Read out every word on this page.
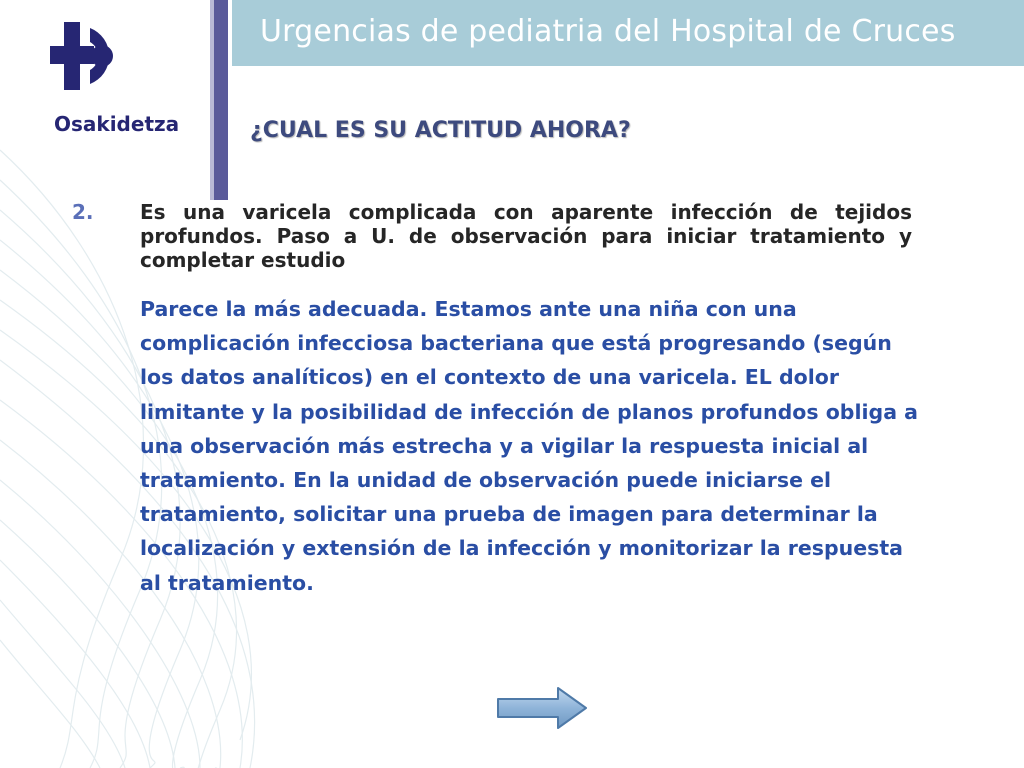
Urgencias de pediatria del Hospital de Cruces
Osakidetza	¿CUAL ES SU ACTITUD AHORA?
2. Es una varicela complicada con aparente infección de tejidos profundos. Paso a U. de observación para iniciar tratamiento y completar estudio
Parece la más adecuada. Estamos ante una niña con una complicación infecciosa bacteriana que está progresando (según los datos analíticos) en el contexto de una varicela. EL dolor limitante y la posibilidad de infección de planos profundos obliga a una observación más estrecha y a vigilar la respuesta inicial al tratamiento. En la unidad de observación puede iniciarse el tratamiento, solicitar una prueba de imagen para determinar la localización y extensión de la infección y monitorizar la respuesta al tratamiento.
